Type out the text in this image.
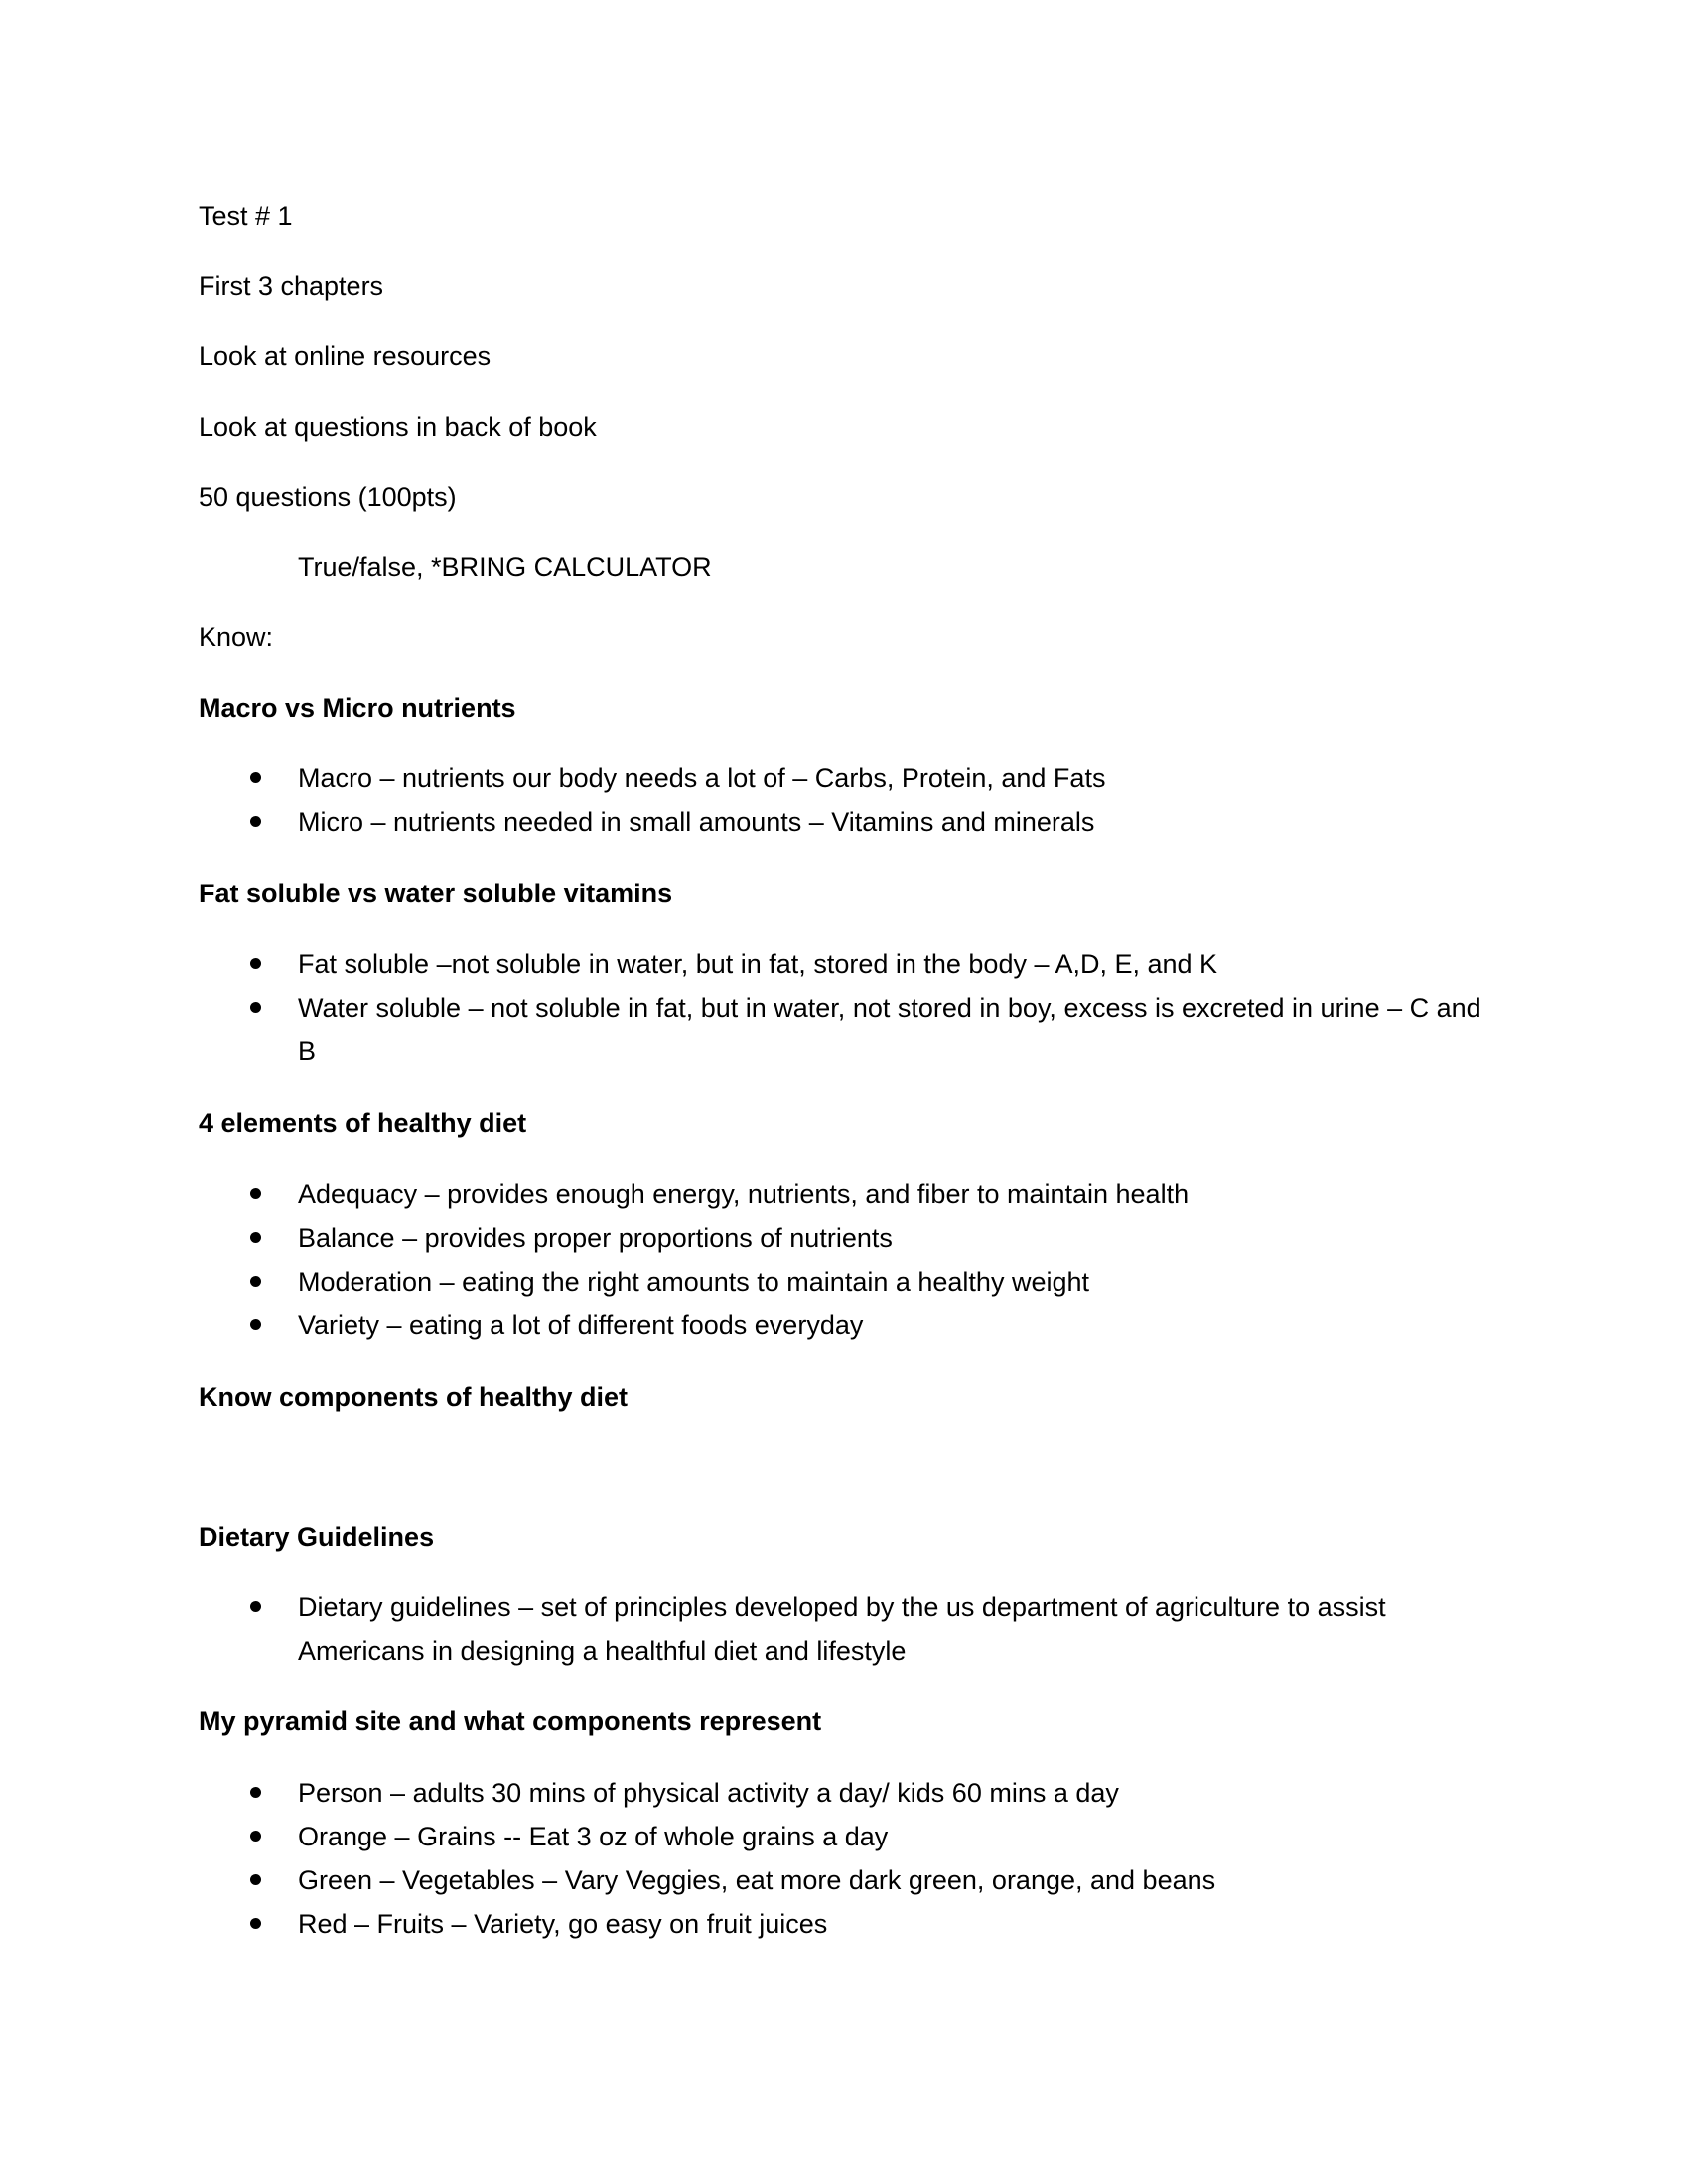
Test # 1
First 3 chapters
Look at online resources
Look at questions in back of book
50 questions (100pts)
True/false, *BRING CALCULATOR
Know:
Macro vs Micro nutrients
Macro – nutrients our body needs a lot of – Carbs, Protein, and Fats
Micro – nutrients needed in small amounts – Vitamins and minerals
Fat soluble vs water soluble vitamins
Fat soluble –not soluble in water, but in fat, stored in the body – A,D, E, and K
Water soluble – not soluble in fat, but in water, not stored in boy, excess is excreted in urine – C and B
4 elements of healthy diet
Adequacy – provides enough energy, nutrients, and fiber to maintain health
Balance – provides proper proportions of nutrients
Moderation – eating the right amounts to maintain a healthy weight
Variety – eating a lot of different foods everyday
Know components of healthy diet
Dietary Guidelines
Dietary guidelines – set of principles developed by the us department of agriculture to assist Americans in designing a healthful diet and lifestyle
My pyramid site and what components represent
Person – adults 30 mins of physical activity a day/ kids 60 mins a day
Orange – Grains -- Eat 3 oz of whole grains a day
Green – Vegetables – Vary Veggies, eat more dark green, orange, and beans
Red – Fruits – Variety, go easy on fruit juices
